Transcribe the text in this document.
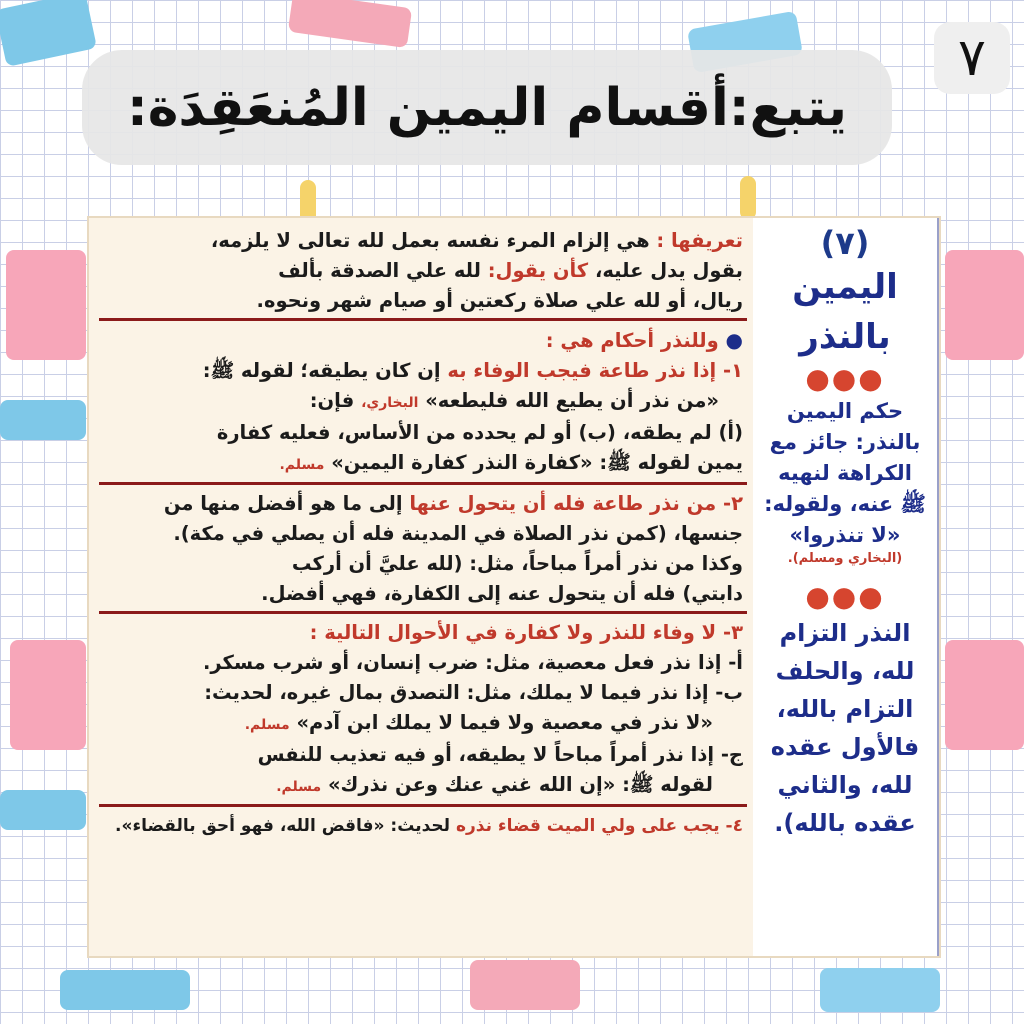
٧
يتبع:أقسام اليمين المُنعَقِدَة:
تعريفها : هي إلزام المرء نفسه بعمل لله تعالى لا يلزمه،
بقول يدل عليه، كأن يقول: لله علي الصدقة بألف
ريال، أو لله علي صلاة ركعتين أو صيام شهر ونحوه.
● وللنذر أحكام هي :
١- إذا نذر طاعة فيجب الوفاء به إن كان يطيقه؛ لقوله ﷺ:
«من نذر أن يطيع الله فليطعه» البخاري، فإن:
(أ) لم يطقه، (ب) أو لم يحدده من الأساس، فعليه كفارة
يمين لقوله ﷺ: «كفارة النذر كفارة اليمين» مسلم.
٢- من نذر طاعة فله أن يتحول عنها إلى ما هو أفضل منها من
جنسها، (كمن نذر الصلاة في المدينة فله أن يصلي في مكة).
وكذا من نذر أمراً مباحاً، مثل: (لله عليَّ أن أركب
دابتي) فله أن يتحول عنه إلى الكفارة، فهي أفضل.
٣- لا وفاء للنذر ولا كفارة في الأحوال التالية :
أ- إذا نذر فعل معصية، مثل: ضرب إنسان، أو شرب مسكر.
ب- إذا نذر فيما لا يملك، مثل: التصدق بمال غيره، لحديث:
«لا نذر في معصية ولا فيما لا يملك ابن آدم» مسلم.
ج- إذا نذر أمراً مباحاً لا يطيقه، أو فيه تعذيب للنفس
لقوله ﷺ: «إن الله غني عنك وعن نذرك» مسلم.
٤- يجب على ولي الميت قضاء نذره لحديث: «فاقض الله، فهو أحق بالقضاء».
(٧)
اليمين
بالنذر
●●●
حكم اليمين
بالنذر: جائز مع
الكراهة لنهيه
ﷺ عنه، ولقوله:
«لا تنذروا»
(البخاري ومسلم).
●●●
النذر التزام
لله، والحلف
التزام بالله،
فالأول عقده
لله، والثاني
عقده بالله).
